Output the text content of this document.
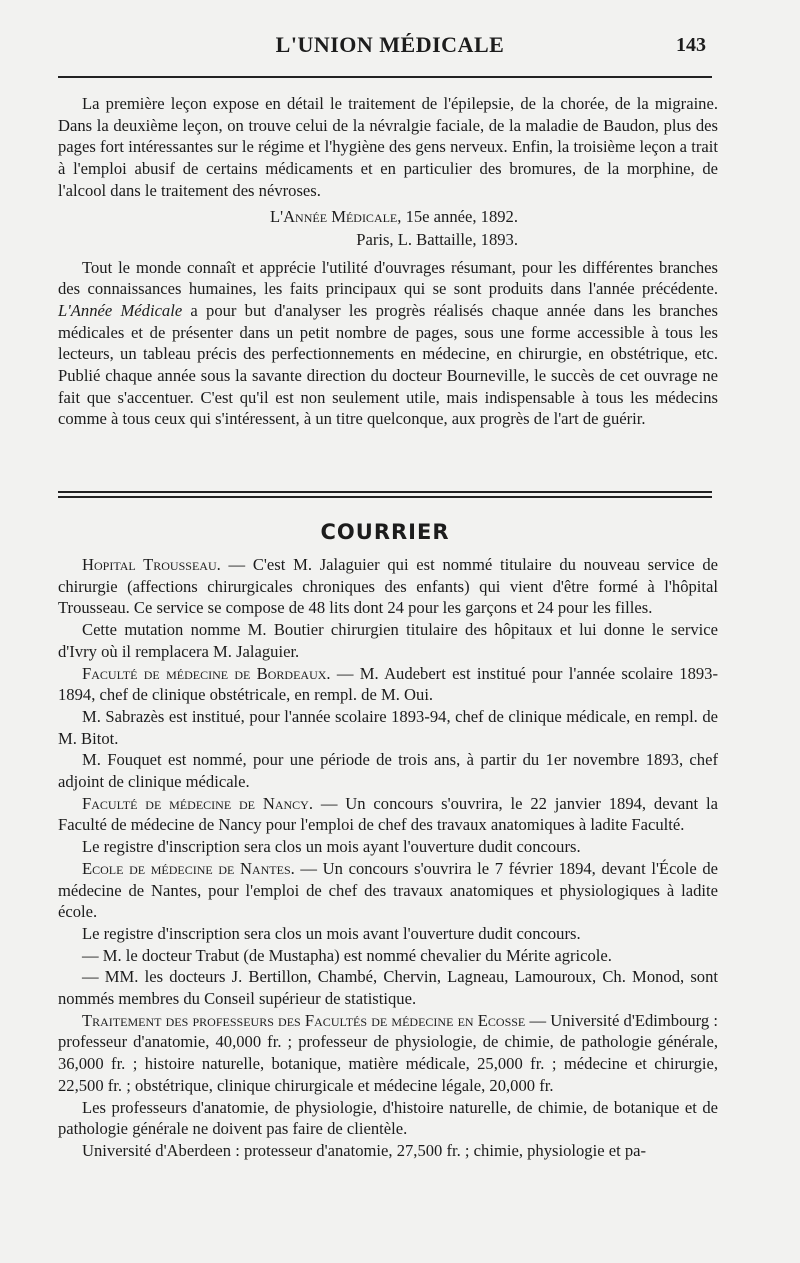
L'UNION MÉDICALE	143

La première leçon expose en détail le traitement de l'épilepsie, de la chorée, de la migraine. Dans la deuxième leçon, on trouve celui de la névralgie faciale, de la maladie de Baudon, plus des pages fort intéressantes sur le régime et l'hygiène des gens nerveux. Enfin, la troisième leçon a trait à l'emploi abusif de certains médicaments et en particulier des bromures, de la morphine, de l'alcool dans le traitement des névroses.

L'Année Médicale, 15e année, 1892.
Paris, L. Battaille, 1893.

Tout le monde connaît et apprécie l'utilité d'ouvrages résumant, pour les différentes branches des connaissances humaines, les faits principaux qui se sont produits dans l'année précédente. L'Année Médicale a pour but d'analyser les progrès réalisés chaque année dans les branches médicales et de présenter dans un petit nombre de pages, sous une forme accessible à tous les lecteurs, un tableau précis des perfectionnements en médecine, en chirurgie, en obstétrique, etc. Publié chaque année sous la savante direction du docteur Bourneville, le succès de cet ouvrage ne fait que s'accentuer. C'est qu'il est non seulement utile, mais indispensable à tous les médecins comme à tous ceux qui s'intéressent, à un titre quelconque, aux progrès de l'art de guérir.

COURRIER

Hopital Trousseau. — C'est M. Jalaguier qui est nommé titulaire du nouveau service de chirurgie (affections chirurgicales chroniques des enfants) qui vient d'être formé à l'hôpital Trousseau. Ce service se compose de 48 lits dont 24 pour les garçons et 24 pour les filles.

Cette mutation nomme M. Boutier chirurgien titulaire des hôpitaux et lui donne le service d'Ivry où il remplacera M. Jalaguier.

Faculté de médecine de Bordeaux. — M. Audebert est institué pour l'année scolaire 1893-1894, chef de clinique obstétricale, en rempl. de M. Oui.

M. Sabrazès est institué, pour l'année scolaire 1893-94, chef de clinique médicale, en rempl. de M. Bitot.

M. Fouquet est nommé, pour une période de trois ans, à partir du 1er novembre 1893, chef adjoint de clinique médicale.

Faculté de médecine de Nancy. — Un concours s'ouvrira, le 22 janvier 1894, devant la Faculté de médecine de Nancy pour l'emploi de chef des travaux anatomiques à ladite Faculté.

Le registre d'inscription sera clos un mois ayant l'ouverture dudit concours.

Ecole de médecine de Nantes. — Un concours s'ouvrira le 7 février 1894, devant l'École de médecine de Nantes, pour l'emploi de chef des travaux anatomiques et physiologiques à ladite école.

Le registre d'inscription sera clos un mois avant l'ouverture dudit concours.

— M. le docteur Trabut (de Mustapha) est nommé chevalier du Mérite agricole.

— MM. les docteurs J. Bertillon, Chambé, Chervin, Lagneau, Lamouroux, Ch. Monod, sont nommés membres du Conseil supérieur de statistique.

Traitement des professeurs des Facultés de médecine en Ecosse — Université d'Edimbourg : professeur d'anatomie, 40,000 fr. ; professeur de physiologie, de chimie, de pathologie générale, 36,000 fr. ; histoire naturelle, botanique, matière médicale, 25,000 fr. ; médecine et chirurgie, 22,500 fr. ; obstétrique, clinique chirurgicale et médecine légale, 20,000 fr.

Les professeurs d'anatomie, de physiologie, d'histoire naturelle, de chimie, de botanique et de pathologie générale ne doivent pas faire de clientèle.

Université d'Aberdeen : protesseur d'anatomie, 27,500 fr. ; chimie, physiologie et pa-
